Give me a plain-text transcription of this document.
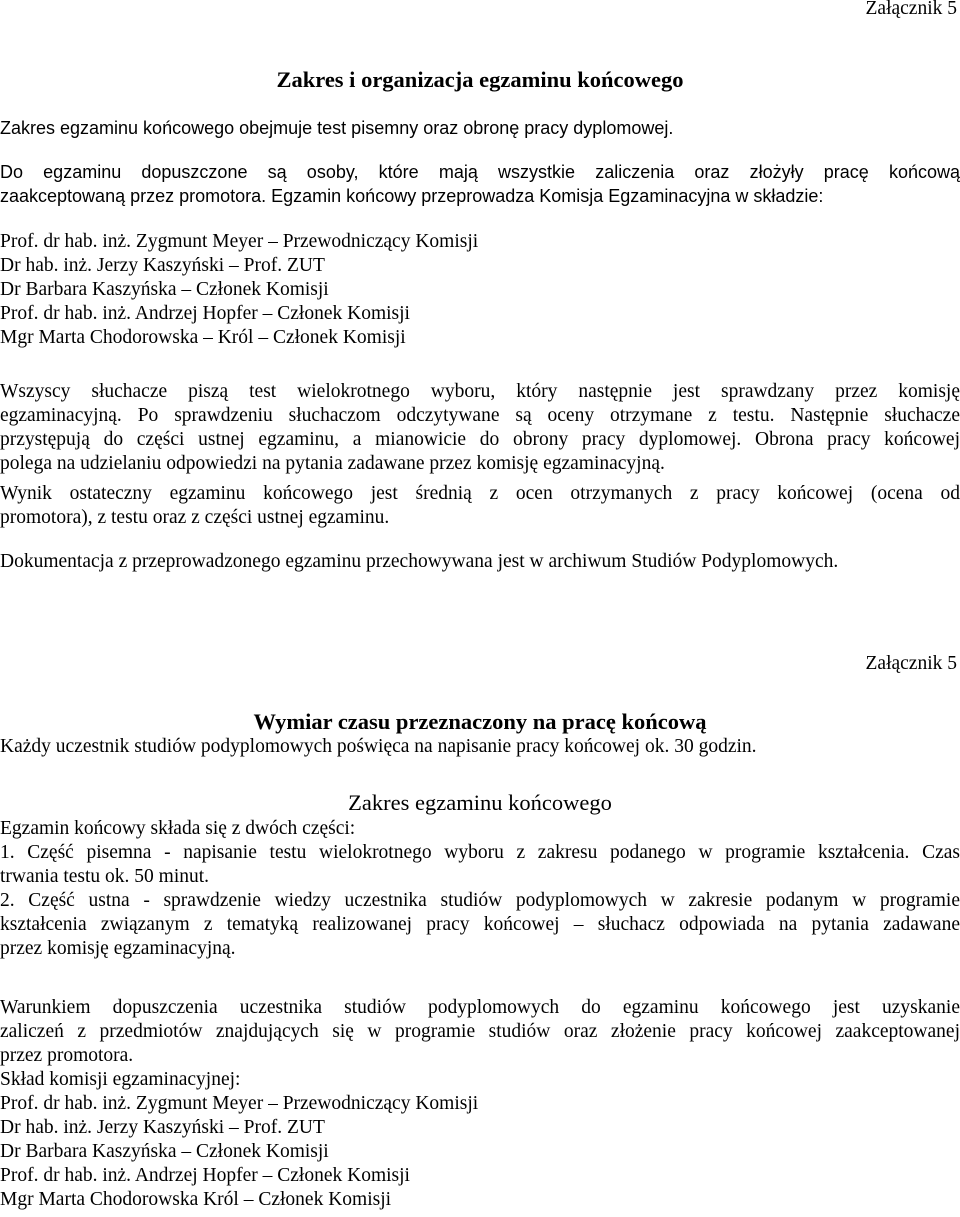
Załącznik 5
Zakres i organizacja egzaminu końcowego
Zakres egzaminu końcowego obejmuje test pisemny oraz obronę pracy dyplomowej.
Do egzaminu dopuszczone są osoby, które mają wszystkie zaliczenia oraz złożyły pracę końcową
zaakceptowaną przez promotora. Egzamin końcowy przeprowadza Komisja Egzaminacyjna w składzie:
Prof. dr hab. inż. Zygmunt Meyer – Przewodniczący Komisji
Dr hab. inż. Jerzy Kaszyński – Prof. ZUT
Dr Barbara Kaszyńska – Członek Komisji
Prof. dr hab. inż. Andrzej Hopfer – Członek Komisji
Mgr Marta Chodorowska – Król – Członek Komisji
Wszyscy słuchacze piszą test wielokrotnego wyboru, który następnie jest sprawdzany przez komisję
egzaminacyjną. Po sprawdzeniu słuchaczom odczytywane są oceny otrzymane z testu. Następnie słuchacze
przystępują do części ustnej egzaminu, a mianowicie do obrony pracy dyplomowej. Obrona pracy końcowej
polega na udzielaniu odpowiedzi na pytania zadawane przez komisję egzaminacyjną.
Wynik ostateczny egzaminu końcowego jest średnią z ocen otrzymanych z pracy końcowej (ocena od
promotora), z testu oraz z części ustnej egzaminu.
Dokumentacja z przeprowadzonego egzaminu przechowywana jest w archiwum Studiów Podyplomowych.
Załącznik 5
Wymiar czasu przeznaczony na pracę końcową
Każdy uczestnik studiów podyplomowych poświęca na napisanie pracy końcowej ok. 30 godzin.
Zakres egzaminu końcowego
Egzamin końcowy składa się z dwóch części:
1. Część pisemna - napisanie testu wielokrotnego wyboru z zakresu podanego w programie kształcenia. Czas
trwania testu ok. 50 minut.
2. Część ustna - sprawdzenie wiedzy uczestnika studiów podyplomowych w zakresie podanym w programie
kształcenia związanym z tematyką realizowanej pracy końcowej – słuchacz odpowiada na pytania zadawane
przez komisję egzaminacyjną.
Warunkiem dopuszczenia uczestnika studiów podyplomowych do egzaminu końcowego jest uzyskanie
zaliczeń z przedmiotów znajdujących się w programie studiów oraz złożenie pracy końcowej zaakceptowanej
przez promotora.
Skład komisji egzaminacyjnej:
Prof. dr hab. inż. Zygmunt Meyer – Przewodniczący Komisji
Dr hab. inż. Jerzy Kaszyński – Prof. ZUT
Dr Barbara Kaszyńska – Członek Komisji
Prof. dr hab. inż. Andrzej Hopfer – Członek Komisji
Mgr Marta Chodorowska Król – Członek Komisji
